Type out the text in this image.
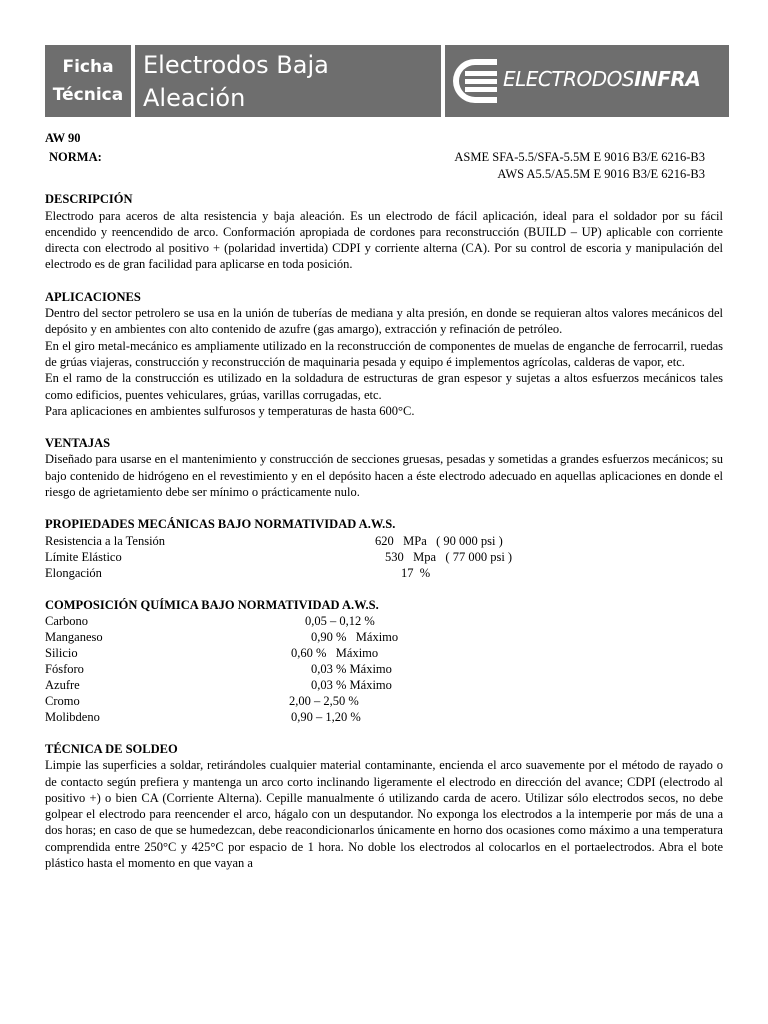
Ficha
Técnica
Electrodos Baja
Aleación
ELECTRODOSINFRA
AW 90
NORMA:	ASME SFA-5.5/SFA-5.5M E 9016 B3/E 6216-B3
AWS A5.5/A5.5M E 9016 B3/E 6216-B3
DESCRIPCIÓN

Electrodo para aceros de alta resistencia y baja aleación. Es un electrodo de fácil aplicación, ideal para el soldador por su fácil encendido y reencendido de arco. Conformación apropiada de cordones para reconstrucción (BUILD – UP) aplicable con corriente directa con electrodo al positivo + (polaridad invertida) CDPI y corriente alterna (CA). Por su control de escoria y manipulación del electrodo es de gran facilidad para aplicarse en toda posición.

APLICACIONES

Dentro del sector petrolero se usa en la unión de tuberías de mediana y alta presión, en donde se requieran altos valores mecánicos del depósito y en ambientes con alto contenido de azufre (gas amargo), extracción y refinación de petróleo.

En el giro metal-mecánico es ampliamente utilizado en la reconstrucción de componentes de muelas de enganche de ferrocarril, ruedas de grúas viajeras, construcción y reconstrucción de maquinaria pesada y equipo é implementos agrícolas, calderas de vapor, etc.

En el ramo de la construcción es utilizado en la soldadura de estructuras de gran espesor y sujetas a altos esfuerzos mecánicos tales como edificios, puentes vehiculares, grúas, varillas corrugadas, etc.

Para aplicaciones en ambientes sulfurosos y temperaturas de hasta 600°C.

VENTAJAS

Diseñado para usarse en el mantenimiento y construcción de secciones gruesas, pesadas y sometidas a grandes esfuerzos mecánicos; su bajo contenido de hidrógeno en el revestimiento y en el depósito hacen a éste electrodo adecuado en aquellas aplicaciones en donde el riesgo de agrietamiento debe ser mínimo o prácticamente nulo.

PROPIEDADES MECÁNICAS BAJO NORMATIVIDAD A.W.S.
Resistencia a la Tensión	620   MPa   ( 90 000 psi )
Límite Elástico	530   Mpa   ( 77 000 psi )
Elongación	17  %
COMPOSICIÓN QUÍMICA BAJO NORMATIVIDAD A.W.S.
Carbono	0,05 – 0,12 %
Manganeso	0,90 %   Máximo
Silicio	0,60 %   Máximo
Fósforo	0,03 % Máximo
Azufre	0,03 % Máximo
Cromo	2,00 – 2,50 %
Molibdeno	0,90 – 1,20 %
TÉCNICA DE SOLDEO

Limpie las superficies a soldar, retirándoles cualquier material contaminante, encienda el arco suavemente por el método de rayado o de contacto según prefiera y mantenga un arco corto inclinando ligeramente el electrodo en dirección del avance; CDPI (electrodo al positivo +) o bien CA (Corriente Alterna). Cepille manualmente ó utilizando carda de acero. Utilizar sólo electrodos secos, no debe golpear el electrodo para reencender el arco, hágalo con un desputandor. No exponga los electrodos a la intemperie por más de una a dos horas; en caso de que se humedezcan, debe reacondicionarlos únicamente en horno dos ocasiones como máximo a una temperatura comprendida entre 250°C y 425°C por espacio de 1 hora. No doble los electrodos al colocarlos en el portaelectrodos. Abra el bote plástico hasta el momento en que vayan a
